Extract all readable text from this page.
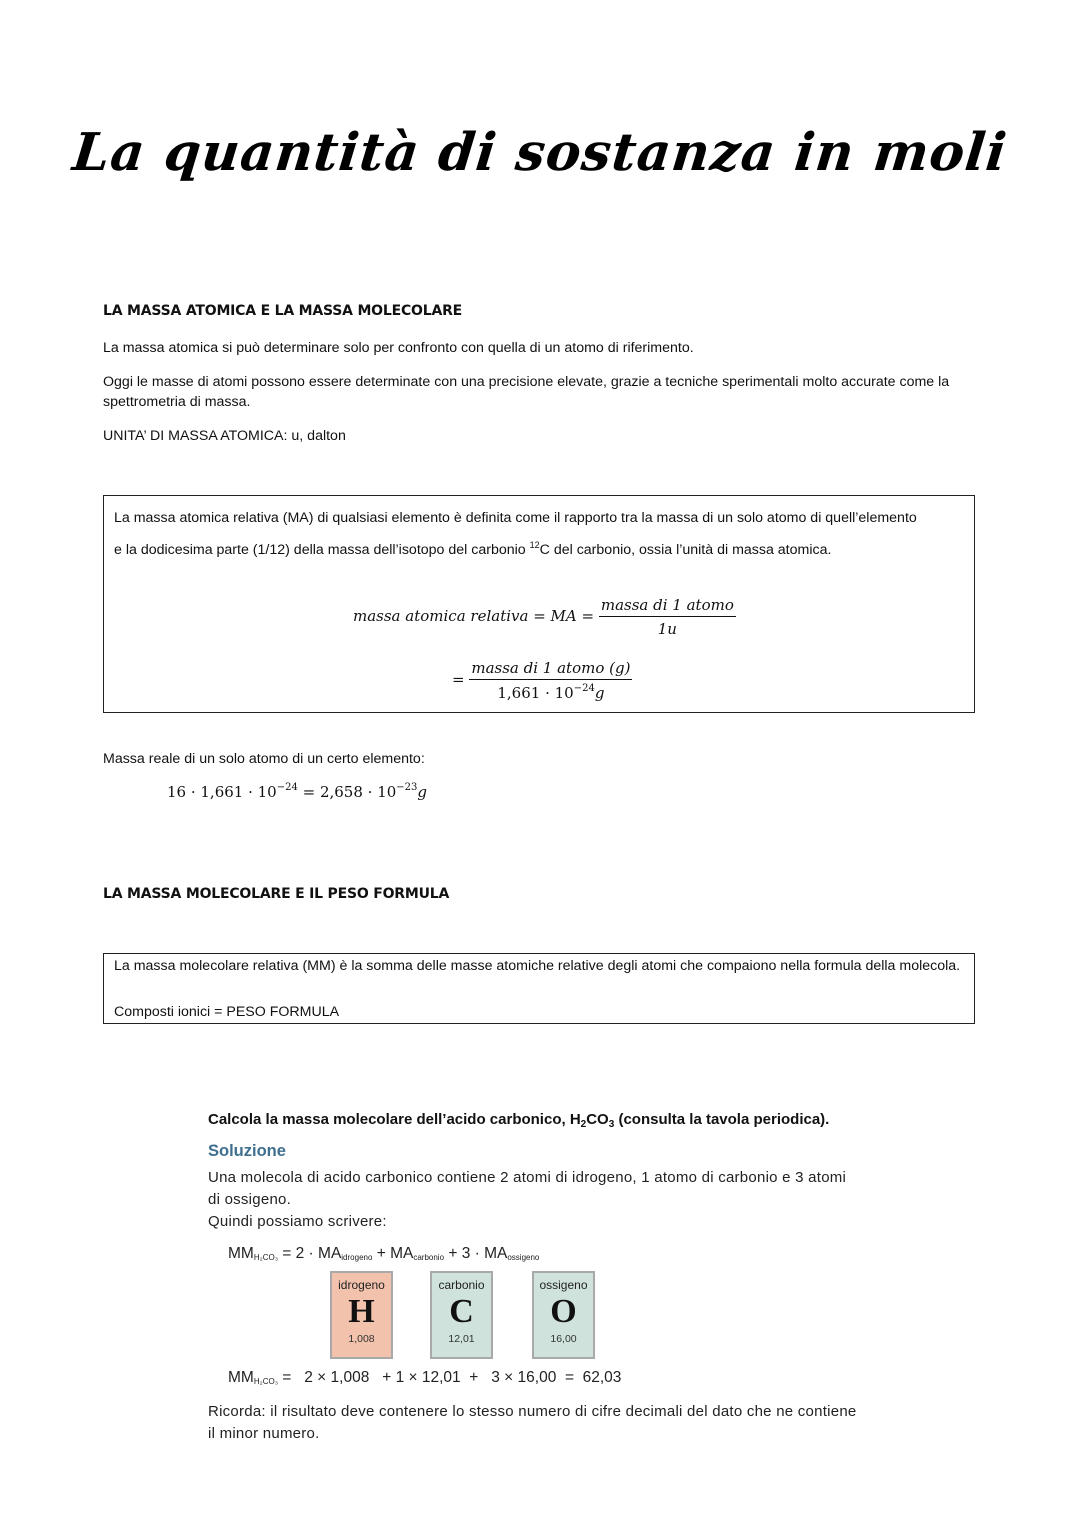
La quantità di sostanza in moli
LA MASSA ATOMICA E LA MASSA MOLECOLARE
La massa atomica si può determinare solo per confronto con quella di un atomo di riferimento.
Oggi le masse di atomi possono essere determinate con una precisione elevate, grazie a tecniche sperimentali molto accurate come la spettrometria di massa.
UNITA’ DI MASSA ATOMICA: u, dalton
La massa atomica relativa (MA) di qualsiasi elemento è definita come il rapporto tra la massa di un solo atomo di quell’elemento
e la dodicesima parte (1/12) della massa dell’isotopo del carbonio $^{12}$C del carbonio, ossia l’unità di massa atomica.
massa atomica relativa = MA = $\frac{\text{massa di 1 atomo}}{1u}$
= $\frac{\text{massa di 1 atomo (g)}}{1,661 \cdot 10^{-24}g}$
Massa reale di un solo atomo di un certo elemento:
$16 \cdot 1,661 \cdot 10^{-24} = 2,658 \cdot 10^{-23}g$
LA MASSA MOLECOLARE E IL PESO FORMULA
La massa molecolare relativa (MM) è la somma delle masse atomiche relative degli atomi che compaiono nella formula della molecola.
Composti ionici = PESO FORMULA
Calcola la massa molecolare dell’acido carbonico, $H_2CO_3$ (consulta la tavola periodica).
Soluzione
Una molecola di acido carbonico contiene 2 atomi di idrogeno, 1 atomo di carbonio e 3 atomi di ossigeno.
Quindi possiamo scrivere:
$MM_{H_2CO_3} = 2 \cdot MA_{idrogeno} + MA_{carbonio} + 3 \cdot MA_{ossigeno}$
idrogeno
H
1,008
carbonio
C
12,01
ossigeno
O
16,00
$MM_{H_2CO_3} = 2 \times 1,008 + 1 \times 12,01 + 3 \times 16,00 = 62,03$
Ricorda: il risultato deve contenere lo stesso numero di cifre decimali del dato che ne contiene il minor numero.
